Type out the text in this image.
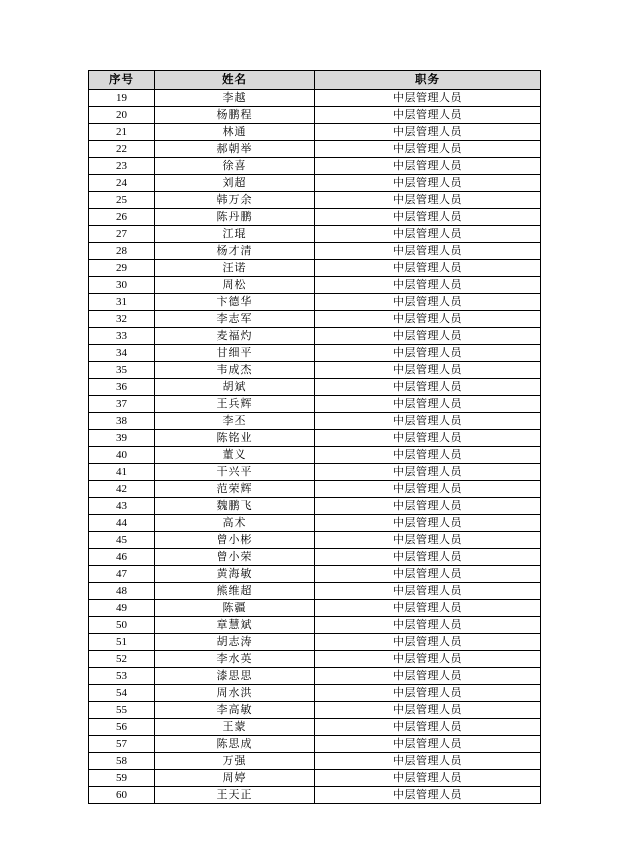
序号	姓名	职务
19	李越	中层管理人员
20	杨鹏程	中层管理人员
21	林通	中层管理人员
22	郝朝举	中层管理人员
23	徐喜	中层管理人员
24	刘超	中层管理人员
25	韩万余	中层管理人员
26	陈丹鹏	中层管理人员
27	江琨	中层管理人员
28	杨才清	中层管理人员
29	汪诺	中层管理人员
30	周松	中层管理人员
31	卞德华	中层管理人员
32	李志军	中层管理人员
33	麦福灼	中层管理人员
34	甘细平	中层管理人员
35	韦成杰	中层管理人员
36	胡斌	中层管理人员
37	王兵辉	中层管理人员
38	李丕	中层管理人员
39	陈铭业	中层管理人员
40	董义	中层管理人员
41	干兴平	中层管理人员
42	范荣辉	中层管理人员
43	魏鹏飞	中层管理人员
44	高术	中层管理人员
45	曾小彬	中层管理人员
46	曾小荣	中层管理人员
47	黄海敏	中层管理人员
48	熊维超	中层管理人员
49	陈疆	中层管理人员
50	章慧斌	中层管理人员
51	胡志涛	中层管理人员
52	李水英	中层管理人员
53	漆思思	中层管理人员
54	周水洪	中层管理人员
55	李高敏	中层管理人员
56	王蒙	中层管理人员
57	陈思成	中层管理人员
58	万强	中层管理人员
59	周婷	中层管理人员
60	王天正	中层管理人员
